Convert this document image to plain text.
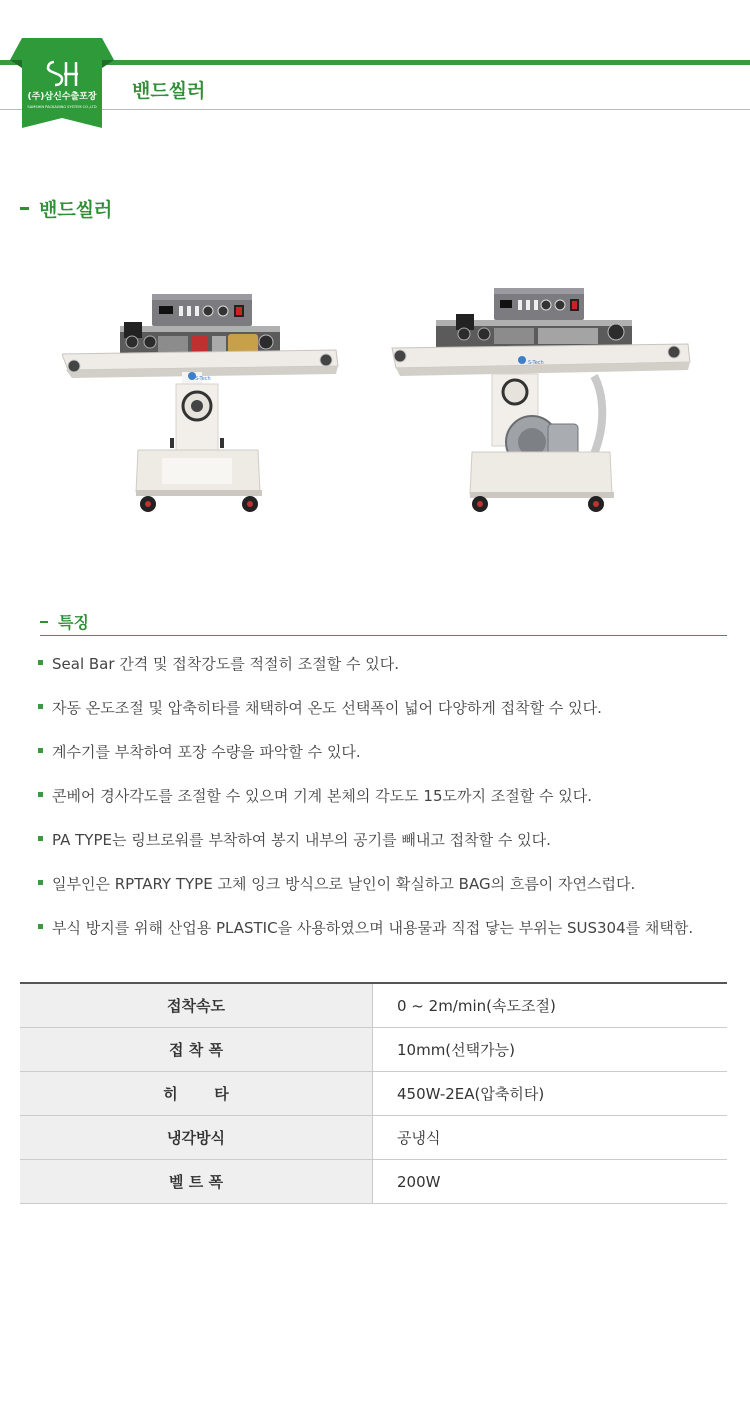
(주)삼신수출포장
SAMSHIN PACKAGING SYSTEM CO.,LTD
밴드씰러
밴드씰러
S-Tech
S-Tech
특징
Seal Bar 간격 및 접착강도를 적절히 조절할 수 있다.
자동 온도조절 및 압축히타를 채택하여 온도 선택폭이 넓어 다양하게 접착할 수 있다.
계수기를 부착하여 포장 수량을 파악할 수 있다.
콘베어 경사각도를 조절할 수 있으며 기계 본체의 각도도 15도까지 조절할 수 있다.
PA TYPE는 링브로워를 부착하여 봉지 내부의 공기를 빼내고 접착할 수 있다.
일부인은 RPTARY TYPE 고체 잉크 방식으로 날인이 확실하고 BAG의 흐름이 자연스럽다.
부식 방지를 위해 산업용 PLASTIC을 사용하였으며 내용물과 직접 닿는 부위는 SUS304를 채택함.
접착속도	0 ~ 2m/min(속도조절)
접 착 폭	10mm(선택가능)
히       타	450W-2EA(압축히타)
냉각방식	공냉식
벨 트 폭	200W
